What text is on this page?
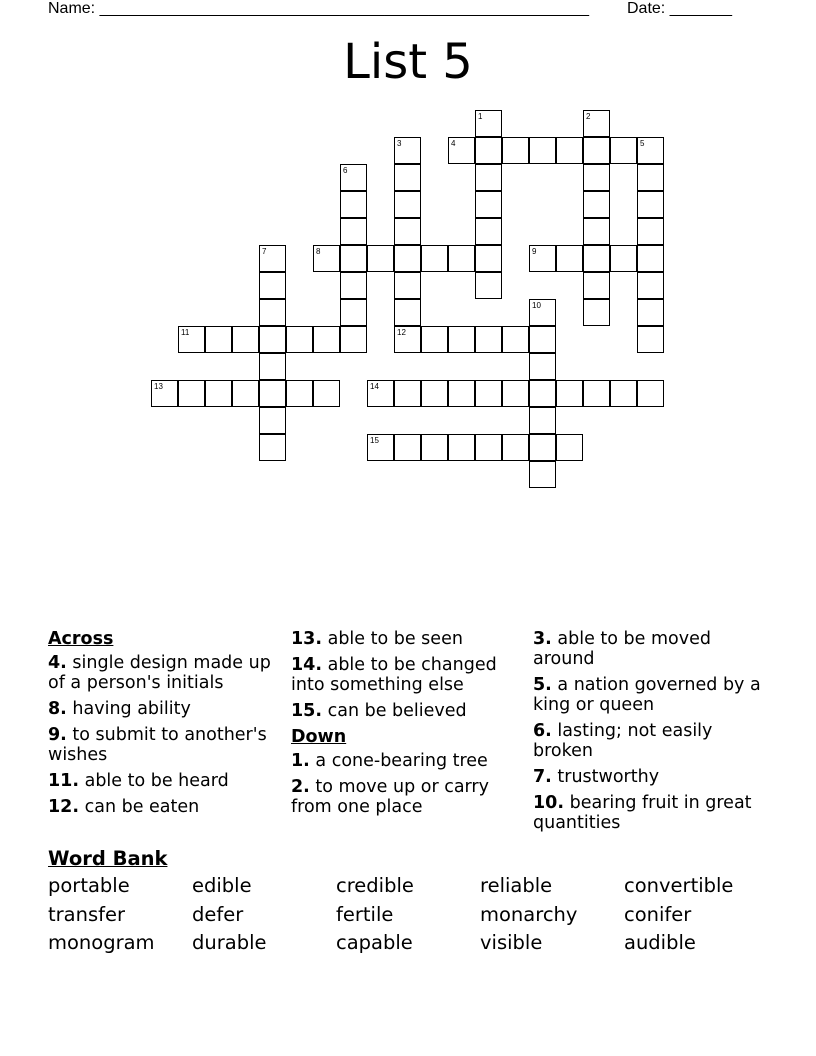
Name: _______________________________________________________ Date: _______
List 5
1	2
3
12
4	5
6
7	8	9
10
11
13	14
15
Across
4. single design made up of a person's initials
8. having ability
9. to submit to another's wishes
11. able to be heard
12. can be eaten
13. able to be seen
14. able to be changed into something else
15. can be believed
Down
1. a cone-bearing tree
2. to move up or carry from one place
3. able to be moved around
5. a nation governed by a king or queen
6. lasting; not easily broken
7. trustworthy
10. bearing fruit in great quantities
Word Bank
portable	edible	credible	reliable	convertible
transfer	defer	fertile	monarchy	conifer
monogram	durable	capable	visible	audible
